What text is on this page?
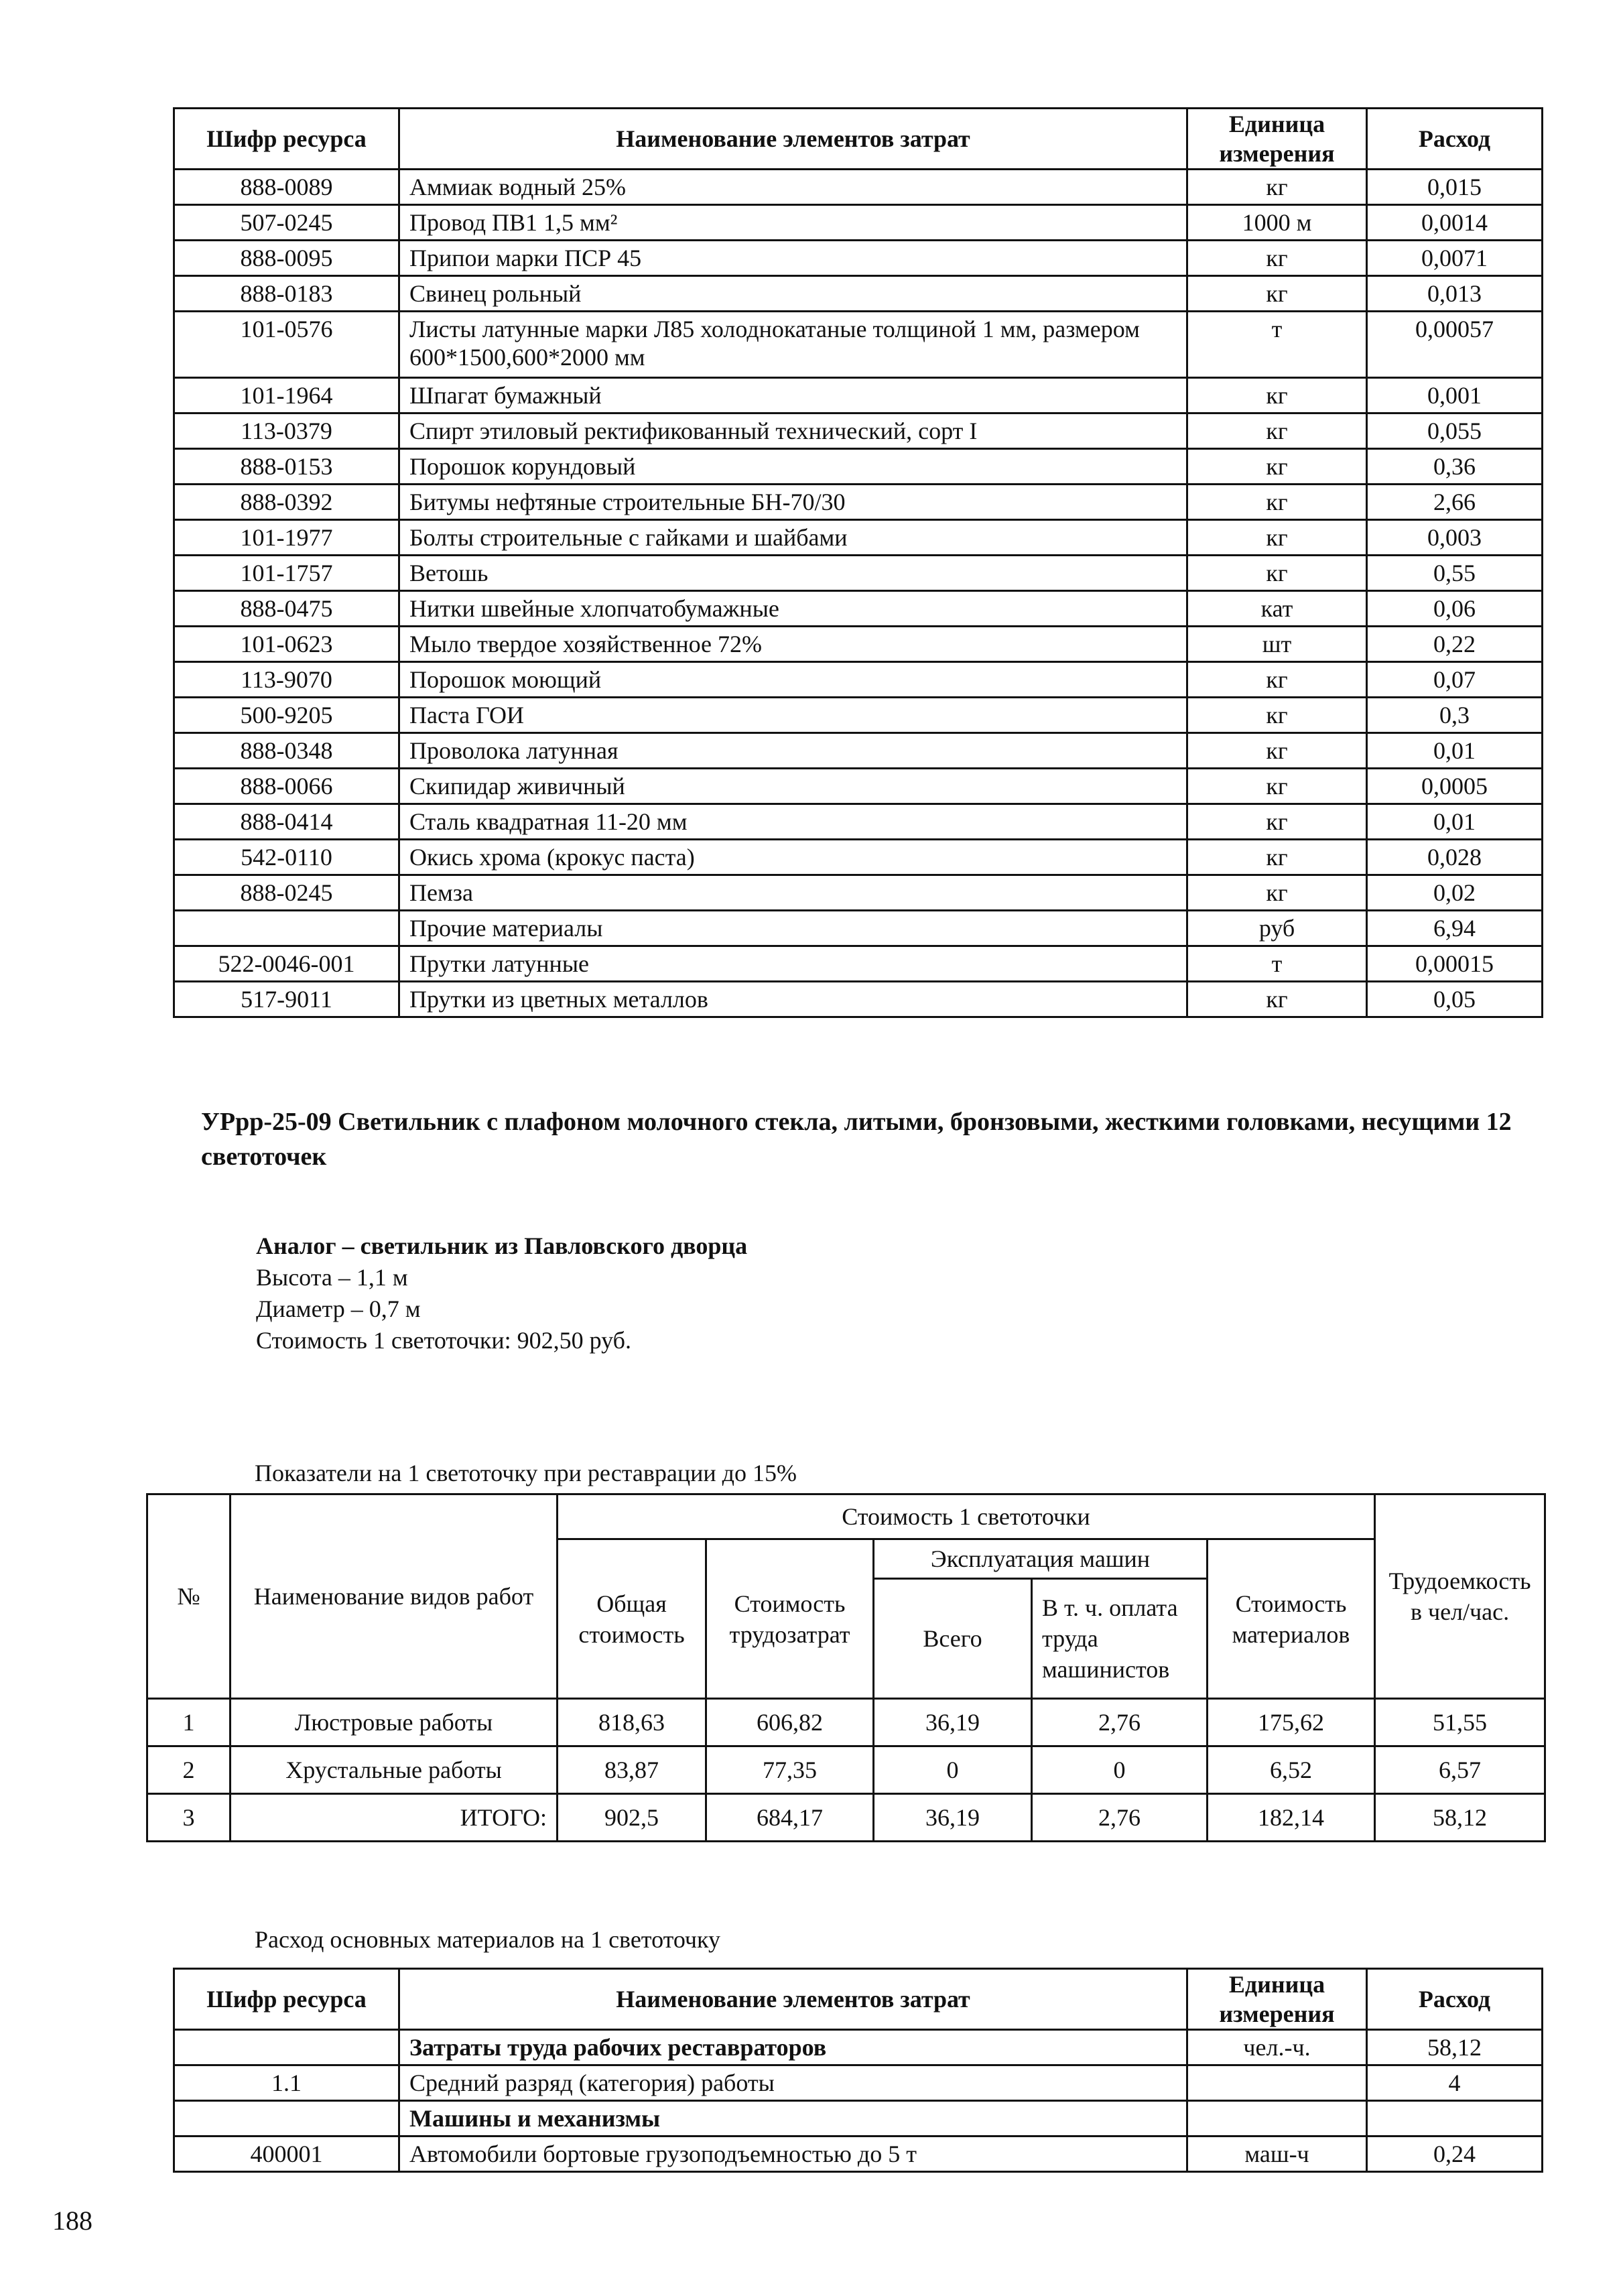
Шифр ресурса	Наименование элементов затрат	Единица измерения	Расход
888-0089	Аммиак водный 25%	кг	0,015
507-0245	Провод ПВ1 1,5 мм²	1000 м	0,0014
888-0095	Припои марки ПСР 45	кг	0,0071
888-0183	Свинец рольный	кг	0,013
101-0576	Листы латунные марки Л85 холоднокатаные толщиной 1 мм, размером 600*1500,600*2000 мм	т	0,00057
101-1964	Шпагат бумажный	кг	0,001
113-0379	Спирт этиловый ректификованный технический, сорт I	кг	0,055
888-0153	Порошок корундовый	кг	0,36
888-0392	Битумы нефтяные строительные БН-70/30	кг	2,66
101-1977	Болты строительные с гайками и шайбами	кг	0,003
101-1757	Ветошь	кг	0,55
888-0475	Нитки швейные хлопчатобумажные	кат	0,06
101-0623	Мыло твердое хозяйственное 72%	шт	0,22
113-9070	Порошок моющий	кг	0,07
500-9205	Паста ГОИ	кг	0,3
888-0348	Проволока латунная	кг	0,01
888-0066	Скипидар живичный	кг	0,0005
888-0414	Сталь квадратная 11-20 мм	кг	0,01
542-0110	Окись хрома (крокус паста)	кг	0,028
888-0245	Пемза	кг	0,02
	Прочие материалы	руб	6,94
522-0046-001	Прутки латунные	т	0,00015
517-9011	Прутки из цветных металлов	кг	0,05
УРрр-25-09 Светильник с плафоном молочного стекла, литыми, бронзовыми, жесткими головками, несущими 12 светоточек
Аналог – светильник из Павловского дворца
Высота – 1,1 м
Диаметр – 0,7 м
Стоимость 1 светоточки: 902,50 руб.
Показатели на 1 светоточку при реставрации до 15%
№	Наименование видов работ	Стоимость 1 светоточки					Трудоемкость в чел/час.
		Общая стоимость	Стоимость трудозатрат	Эксплуатация машин		Стоимость материалов	
				Всего	В т. ч. оплата труда машинистов		
1	Люстровые работы	818,63	606,82	36,19	2,76	175,62	51,55
2	Хрустальные работы	83,87	77,35	0	0	6,52	6,57
3	ИТОГО:	902,5	684,17	36,19	2,76	182,14	58,12
Расход основных материалов на 1 светоточку
Шифр ресурса	Наименование элементов затрат	Единица измерения	Расход
	Затраты труда рабочих реставраторов	чел.-ч.	58,12
1.1	Средний разряд (категория) работы		4
	Машины и механизмы		
400001	Автомобили бортовые грузоподъемностью до 5 т	маш-ч	0,24
188
